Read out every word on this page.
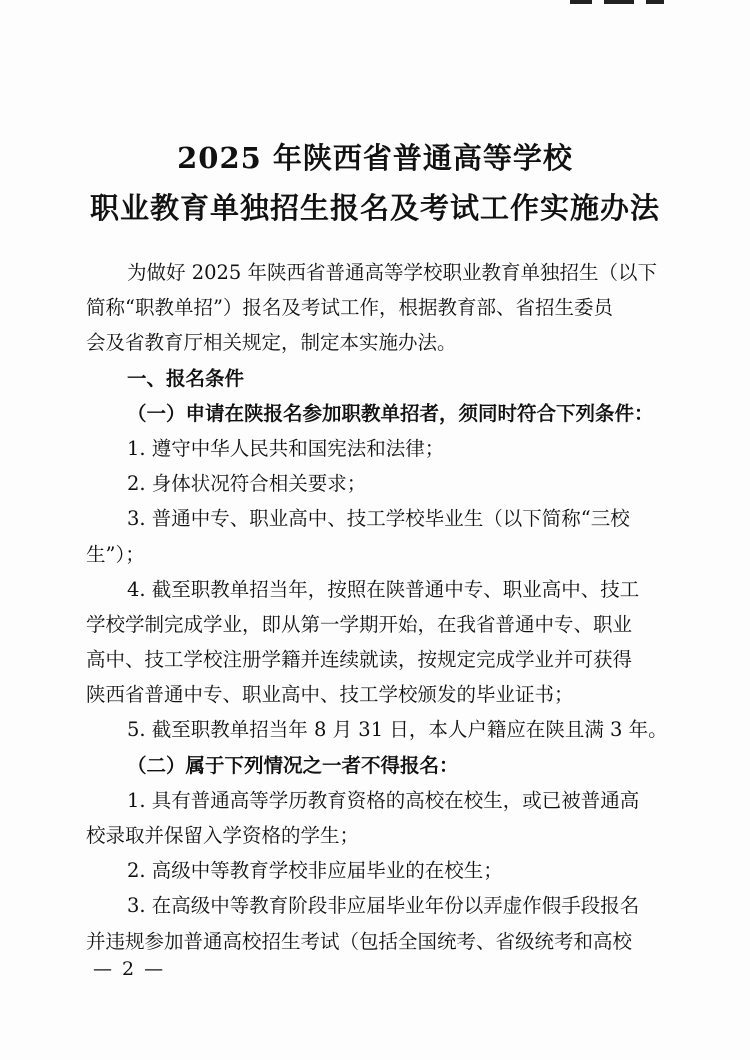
2025 年陕西省普通高等学校
职业教育单独招生报名及考试工作实施办法
为做好 2025 年陕西省普通高等学校职业教育单独招生（以下
简称“职教单招”）报名及考试工作，根据教育部、省招生委员
会及省教育厅相关规定，制定本实施办法。
一、报名条件
（一）申请在陕报名参加职教单招者，须同时符合下列条件：
1. 遵守中华人民共和国宪法和法律；
2. 身体状况符合相关要求；
3. 普通中专、职业高中、技工学校毕业生（以下简称“三校
生”）；
4. 截至职教单招当年，按照在陕普通中专、职业高中、技工
学校学制完成学业，即从第一学期开始，在我省普通中专、职业
高中、技工学校注册学籍并连续就读，按规定完成学业并可获得
陕西省普通中专、职业高中、技工学校颁发的毕业证书；
5. 截至职教单招当年 8 月 31 日，本人户籍应在陕且满 3 年。
（二）属于下列情况之一者不得报名：
1. 具有普通高等学历教育资格的高校在校生，或已被普通高
校录取并保留入学资格的学生；
2. 高级中等教育学校非应届毕业的在校生；
3. 在高级中等教育阶段非应届毕业年份以弄虚作假手段报名
并违规参加普通高校招生考试（包括全国统考、省级统考和高校
— 2 —
